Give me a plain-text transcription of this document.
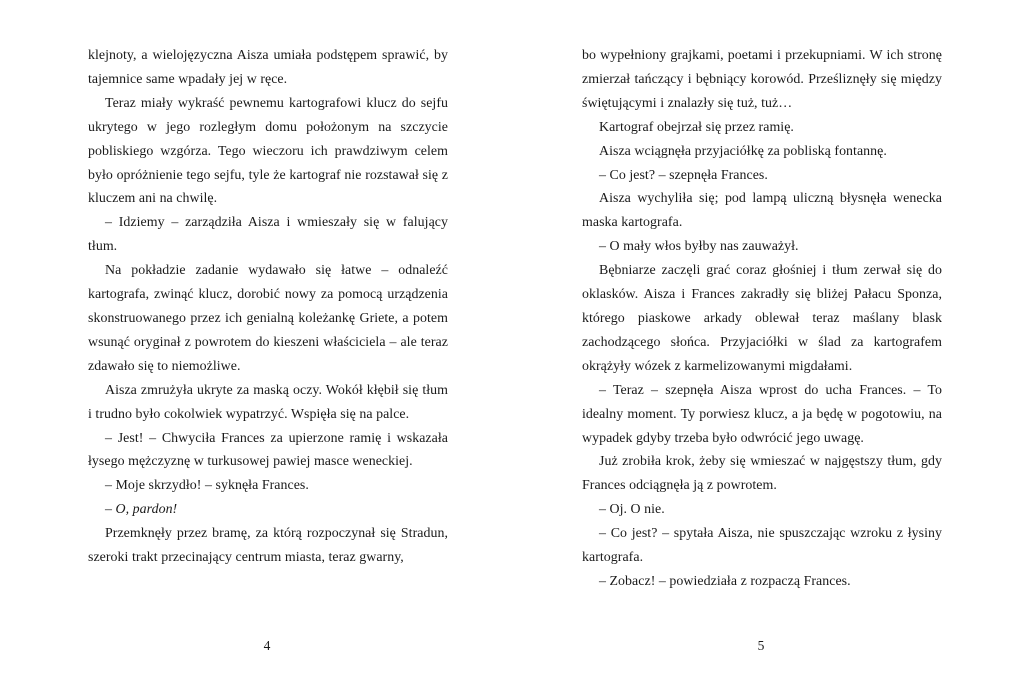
klejnoty, a wielojęzyczna Aisza umiała podstępem sprawić, by tajemnice same wpadały jej w ręce.

Teraz miały wykraść pewnemu kartografowi klucz do sejfu ukrytego w jego rozległym domu położonym na szczycie pobliskiego wzgórza. Tego wieczoru ich prawdziwym celem było opróżnienie tego sejfu, tyle że kartograf nie rozstawał się z kluczem ani na chwilę.

– Idziemy – zarządziła Aisza i wmieszały się w falujący tłum.

Na pokładzie zadanie wydawało się łatwe – odnaleźć kartografa, zwinąć klucz, dorobić nowy za pomocą urządzenia skonstruowanego przez ich genialną koleżankę Griete, a potem wsunąć oryginał z powrotem do kieszeni właściciela – ale teraz zdawało się to niemożliwe.

Aisza zmrużyła ukryte za maską oczy. Wokół kłębił się tłum i trudno było cokolwiek wypatrzyć. Wspięła się na palce.

– Jest! – Chwyciła Frances za upierzone ramię i wskazała łysego mężczyznę w turkusowej pawiej masce weneckiej.

– Moje skrzydło! – syknęła Frances.

– O, pardon!

Przemknęły przez bramę, za którą rozpoczynał się Stradun, szeroki trakt przecinający centrum miasta, teraz gwarny,

bo wypełniony grajkami, poetami i przekupniami. W ich stronę zmierzał tańczący i bębniący korowód. Prześliznęły się między świętującymi i znalazły się tuż, tuż…

Kartograf obejrzał się przez ramię.

Aisza wciągnęła przyjaciółkę za pobliską fontannę.

– Co jest? – szepnęła Frances.

Aisza wychyliła się; pod lampą uliczną błysnęła wenecka maska kartografa.

– O mały włos byłby nas zauważył.

Bębniarze zaczęli grać coraz głośniej i tłum zerwał się do oklasków. Aisza i Frances zakradły się bliżej Pałacu Sponza, którego piaskowe arkady oblewał teraz maślany blask zachodzącego słońca. Przyjaciółki w ślad za kartografem okrążyły wózek z karmelizowanymi migdałami.

– Teraz – szepnęła Aisza wprost do ucha Frances. – To idealny moment. Ty porwiesz klucz, a ja będę w pogotowiu, na wypadek gdyby trzeba było odwrócić jego uwagę.

Już zrobiła krok, żeby się wmieszać w najgęstszy tłum, gdy Frances odciągnęła ją z powrotem.

– Oj. O nie.

– Co jest? – spytała Aisza, nie spuszczając wzroku z łysiny kartografa.

– Zobacz! – powiedziała z rozpaczą Frances.

4	5
